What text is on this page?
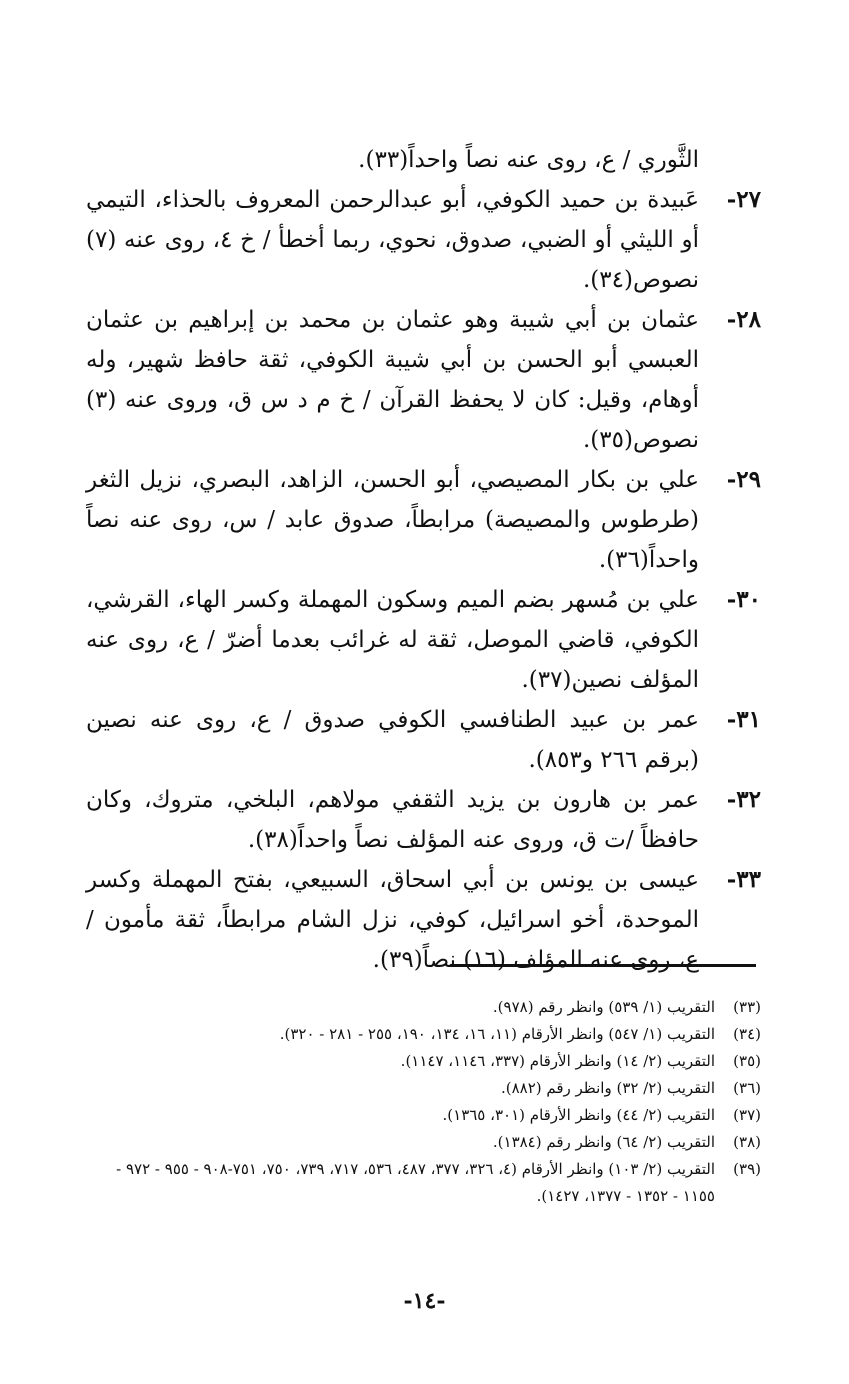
الثَّوري / ع، روى عنه نصاً واحداً(٣٣).
٢٧-
عَبيدة بن حميد الكوفي، أبو عبدالرحمن المعروف بالحذاء، التيمي أو الليثي أو الضبي، صدوق، نحوي، ربما أخطأ / خ ٤، روى عنه (٧) نصوص(٣٤).
٢٨-
عثمان بن أبي شيبة وهو عثمان بن محمد بن إبراهيم بن عثمان العبسي أبو الحسن بن أبي شيبة الكوفي، ثقة حافظ شهير، وله أوهام، وقيل: كان لا يحفظ القرآن / خ م د س ق، وروى عنه (٣) نصوص(٣٥).
٢٩-
علي بن بكار المصيصي، أبو الحسن، الزاهد، البصري، نزيل الثغر (طرطوس والمصيصة) مرابطاً، صدوق عابد / س، روى عنه نصاً واحداً(٣٦).
٣٠-
علي بن مُسهر بضم الميم وسكون المهملة وكسر الهاء، القرشي، الكوفي، قاضي الموصل، ثقة له غرائب بعدما أضرّ / ع، روى عنه المؤلف نصين(٣٧).
٣١-
عمر بن عبيد الطنافسي الكوفي صدوق / ع، روى عنه نصين (برقم ٢٦٦ و٨٥٣).
٣٢-
عمر بن هارون بن يزيد الثقفي مولاهم، البلخي، متروك، وكان حافظاً /ت ق، وروى عنه المؤلف نصاً واحداً(٣٨).
٣٣-
عيسى بن يونس بن أبي اسحاق، السبيعي، بفتح المهملة وكسر الموحدة، أخو اسرائيل، كوفي، نزل الشام مرابطاً، ثقة مأمون / ع، روى عنه المؤلف (١٦) نصاً(٣٩).
(٣٣)
التقريب (١/ ٥٣٩) وانظر رقم (٩٧٨).
(٣٤)
التقريب (١/ ٥٤٧) وانظر الأرقام (١١، ١٦، ١٣٤، ١٩٠، ٢٥٥ - ٢٨١ - ٣٢٠).
(٣٥)
التقريب (٢/ ١٤) وانظر الأرقام (٣٣٧، ١١٤٦، ١١٤٧).
(٣٦)
التقريب (٢/ ٣٢) وانظر رقم (٨٨٢).
(٣٧)
التقريب (٢/ ٤٤) وانظر الأرقام (٣٠١، ١٣٦٥).
(٣٨)
التقريب (٢/ ٦٤) وانظر رقم (١٣٨٤).
(٣٩)
التقريب (٢/ ١٠٣) وانظر الأرقام (٤، ٣٢٦، ٣٧٧، ٤٨٧، ٥٣٦، ٧١٧، ٧٣٩، ٧٥٠، ٧٥١-٩٠٨ - ٩٥٥ - ٩٧٢ - ١١٥٥ - ١٣٥٢ - ١٣٧٧، ١٤٢٧).
-١٤-
